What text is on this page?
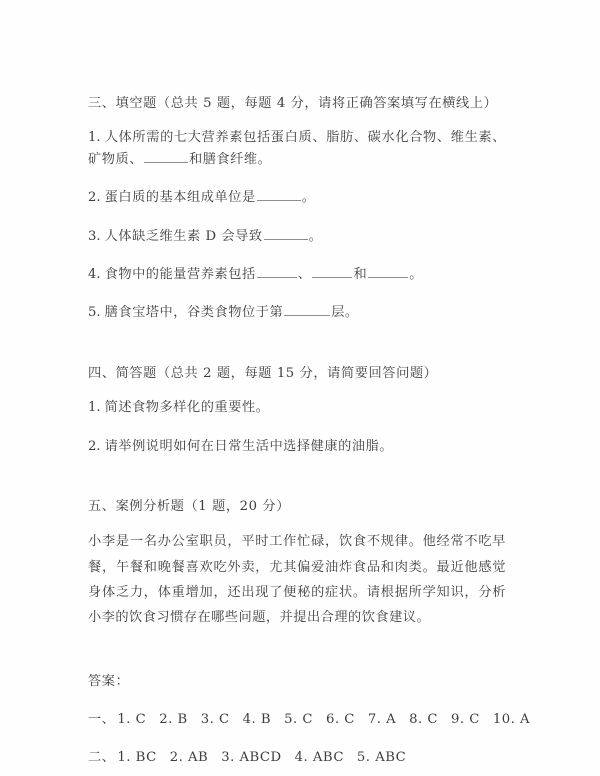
三、填空题（总共 5 题，每题 4 分，请将正确答案填写在横线上）

1. 人体所需的七大营养素包括蛋白质、脂肪、碳水化合物、维生素、矿物质、	和膳食纤维。

2. 蛋白质的基本组成单位是	。

3. 人体缺乏维生素 D 会导致	。

4. 食物中的能量营养素包括	、	和	。

5. 膳食宝塔中，谷类食物位于第	层。

四、简答题（总共 2 题，每题 15 分，请简要回答问题）

1. 简述食物多样化的重要性。

2. 请举例说明如何在日常生活中选择健康的油脂。

五、案例分析题（1 题，20 分）

小李是一名办公室职员，平时工作忙碌，饮食不规律。他经常不吃早餐，午餐和晚餐喜欢吃外卖，尤其偏爱油炸食品和肉类。最近他感觉身体乏力，体重增加，还出现了便秘的症状。请根据所学知识，分析小李的饮食习惯存在哪些问题，并提出合理的饮食建议。

答案：

一、 1. C 2. B 3. C 4. B 5. C 6. C 7. A 8. C 9. C 10. A

二、 1. BC 2. AB 3. ABCD 4. ABC 5. ABC
